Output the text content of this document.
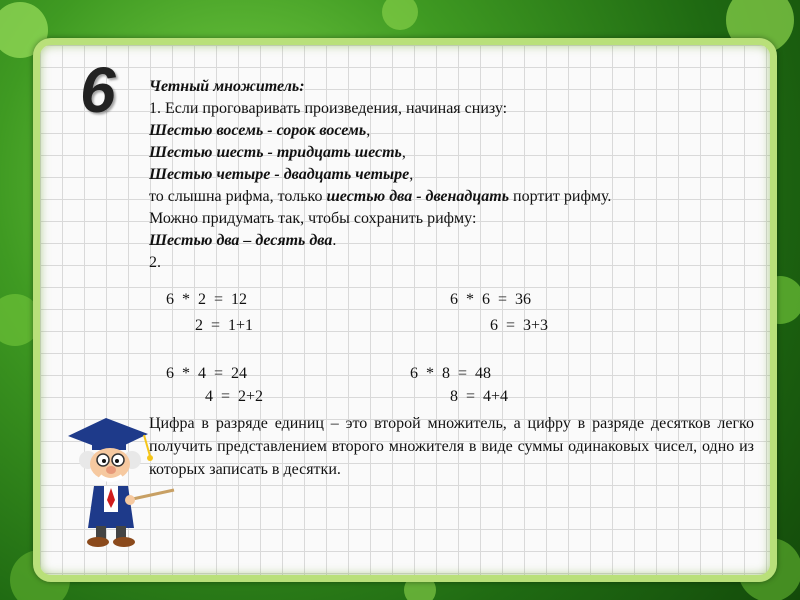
6 Четный множитель:

1. Если проговаривать произведения, начиная снизу:

Шестью восемь - сорок восемь,

Шестью шесть - тридцать шесть,

Шестью четыре - двадцать четыре,

то слышна рифма, только шестью два - двенадцать портит рифму.

Можно придумать так, чтобы сохранить рифму:

Шестью два – десять два.

2.

6  *  2  =  12
2  =  1+1
6  *  6  =  36
6  =  3+3
6  *  4  =  24
4  =  2+2
6  *  8  =  48
8  =  4+4
Цифра в разряде единиц – это второй множитель, а цифру в разряде десятков легко получить представлением второго множителя в виде суммы одинаковых чисел, одно из которых записать в десятки.
